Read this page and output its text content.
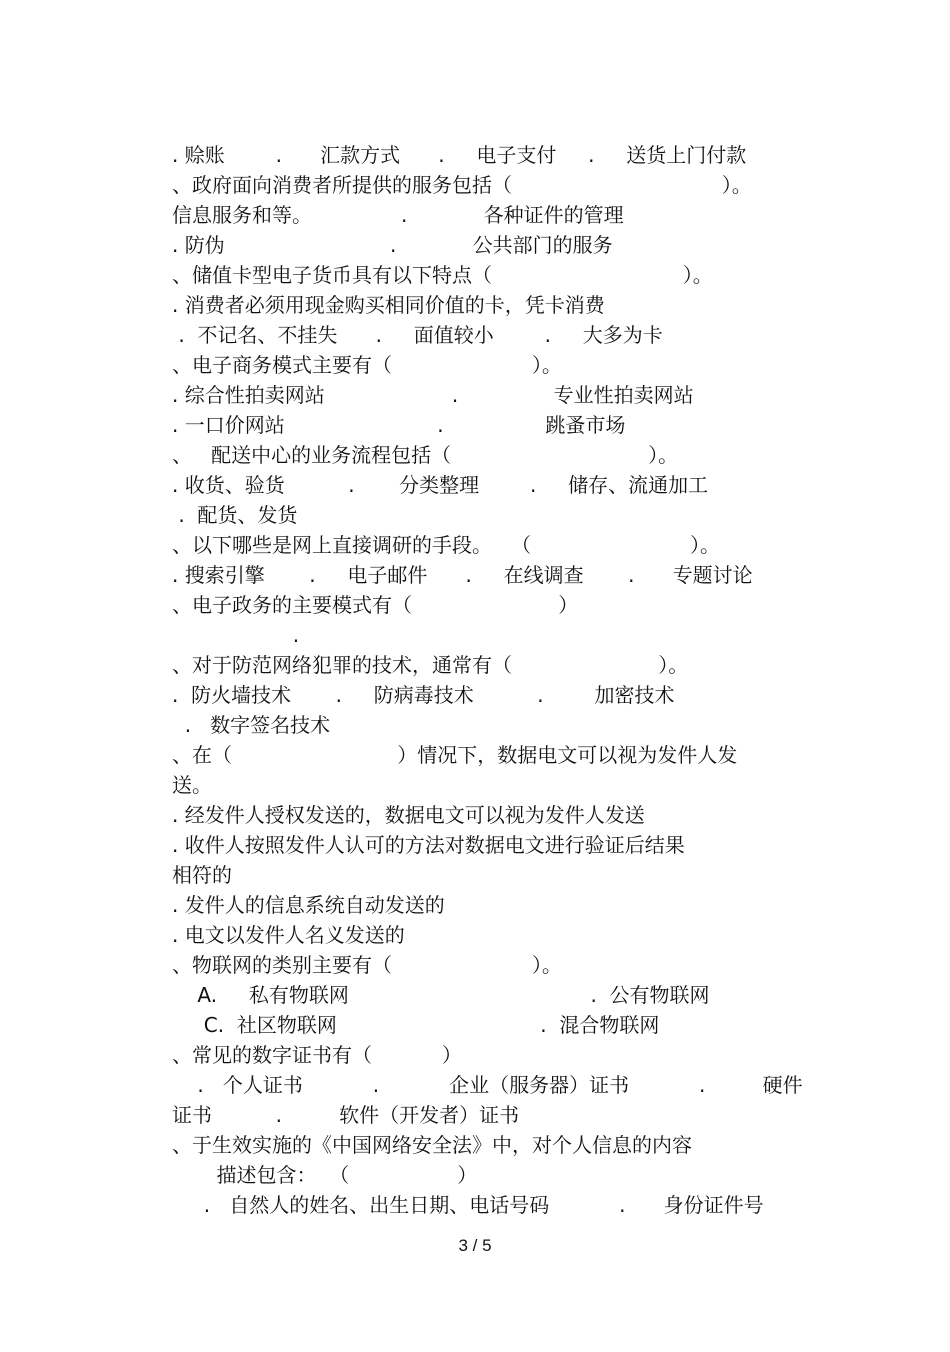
. 赊账        .      汇款方式      .     电子支付     .     送货上门付款
、政府面向消费者所提供的服务包括（                                 ）。
信息服务和等。              .            各种证件的管理
. 防伪                          .            公共部门的服务
、储值卡型电子货币具有以下特点（                              ）。
. 消费者必须用现金购买相同价值的卡，凭卡消费
.  不记名、不挂失      .     面值较小        .     大多为卡
、电子商务模式主要有（                      ）。
. 综合性拍卖网站                    .               专业性拍卖网站
. 一口价网站                        .                跳蚤市场
、   配送中心的业务流程包括（                               ）。
. 收货、验货          .       分类整理        .     储存、流通加工
.  配货、发货
、以下哪些是网上直接调研的手段。   （                         ）。
. 搜索引擎       .     电子邮件      .     在线调查       .      专题讨论
、电子政务的主要模式有（                       ）
.
、对于防范网络犯罪的技术，通常有（                       ）。
.  防火墙技术       .     防病毒技术          .        加密技术
.   数字签名技术
、在（                          ）情况下，数据电文可以视为发件人发
送。
. 经发件人授权发送的，数据电文可以视为发件人发送
. 收件人按照发件人认可的方法对数据电文进行验证后结果
相符的
. 发件人的信息系统自动发送的
. 电文以发件人名义发送的
、物联网的类别主要有（                      ）。
A.     私有物联网                                      .  公有物联网
C.  社区物联网                                .  混合物联网
、常见的数字证书有（           ）
.   个人证书           .           企业（服务器）证书           .         硬件
证书          .         软件（开发者）证书
、于生效实施的《中国网络安全法》中，对个人信息的内容
描述包含：  （                 ）
.   自然人的姓名、出生日期、电话号码           .      身份证件号
3 / 5
